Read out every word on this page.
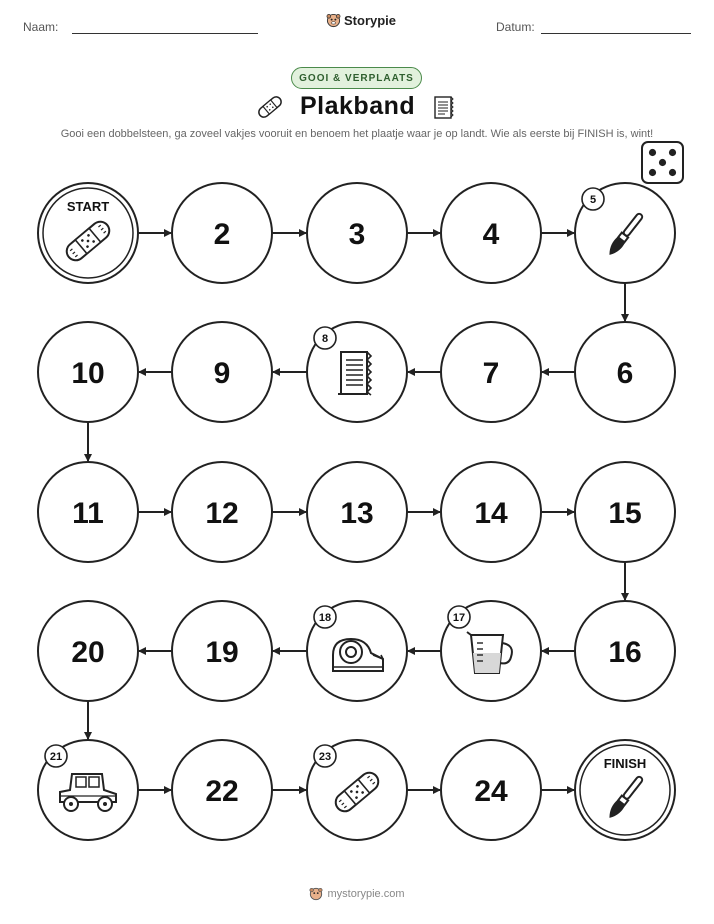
Naam:	Storypie	Datum:
GOOI & VERPLAATS
Plakband
Gooi een dobbelsteen, ga zoveel vakjes vooruit en benoem het plaatje waar je op landt. Wie als eerste bij FINISH is, wint!
START
2	3	4
5
6
7
8
9
10
11	12	13	14	15
16
17
18
19
20
21
22
23
24
FINISH
mystorypie.com
